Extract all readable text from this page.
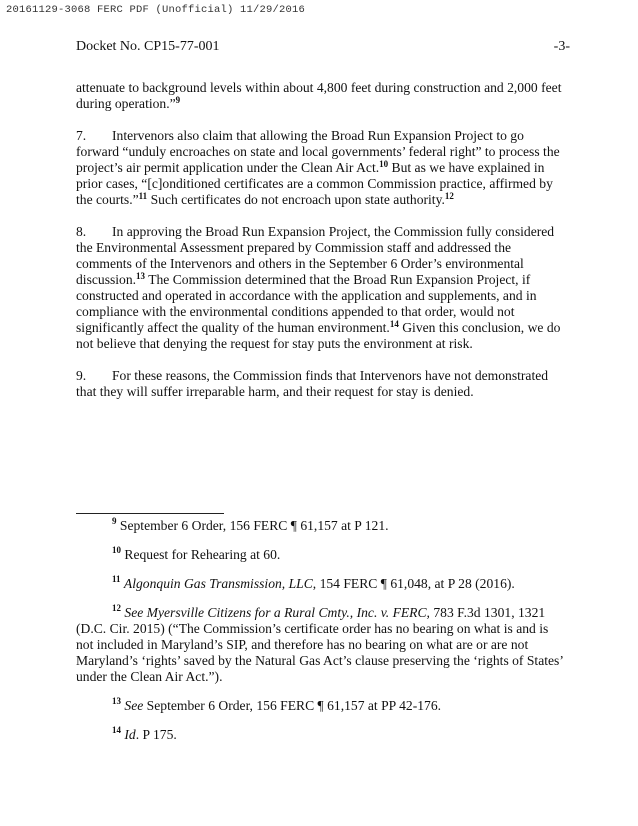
20161129-3068 FERC PDF (Unofficial) 11/29/2016
Docket No. CP15-77-001	-3-

attenuate to background levels within about 4,800 feet during construction and 2,000 feet during operation.”$^9$

7. Intervenors also claim that allowing the Broad Run Expansion Project to go forward “unduly encroaches on state and local governments’ federal right” to process the project’s air permit application under the Clean Air Act.$^{10}$ But as we have explained in prior cases, “[c]onditioned certificates are a common Commission practice, affirmed by the courts.”$^{11}$ Such certificates do not encroach upon state authority.$^{12}$

8. In approving the Broad Run Expansion Project, the Commission fully considered the Environmental Assessment prepared by Commission staff and addressed the comments of the Intervenors and others in the September 6 Order’s environmental discussion.$^{13}$ The Commission determined that the Broad Run Expansion Project, if constructed and operated in accordance with the application and supplements, and in compliance with the environmental conditions appended to that order, would not significantly affect the quality of the human environment.$^{14}$ Given this conclusion, we do not believe that denying the request for stay puts the environment at risk.

9. For these reasons, the Commission finds that Intervenors have not demonstrated that they will suffer irreparable harm, and their request for stay is denied.

$^9$ September 6 Order, 156 FERC ¶ 61,157 at P 121.
$^{10}$ Request for Rehearing at 60.
$^{11}$ Algonquin Gas Transmission, LLC, 154 FERC ¶ 61,048, at P 28 (2016).
$^{12}$ See Myersville Citizens for a Rural Cmty., Inc. v. FERC, 783 F.3d 1301, 1321 (D.C. Cir. 2015) (“The Commission’s certificate order has no bearing on what is and is not included in Maryland’s SIP, and therefore has no bearing on what are or are not Maryland’s ‘rights’ saved by the Natural Gas Act’s clause preserving the ‘rights of States’ under the Clean Air Act.”).
$^{13}$ See September 6 Order, 156 FERC ¶ 61,157 at PP 42-176.
$^{14}$ Id. P 175.
